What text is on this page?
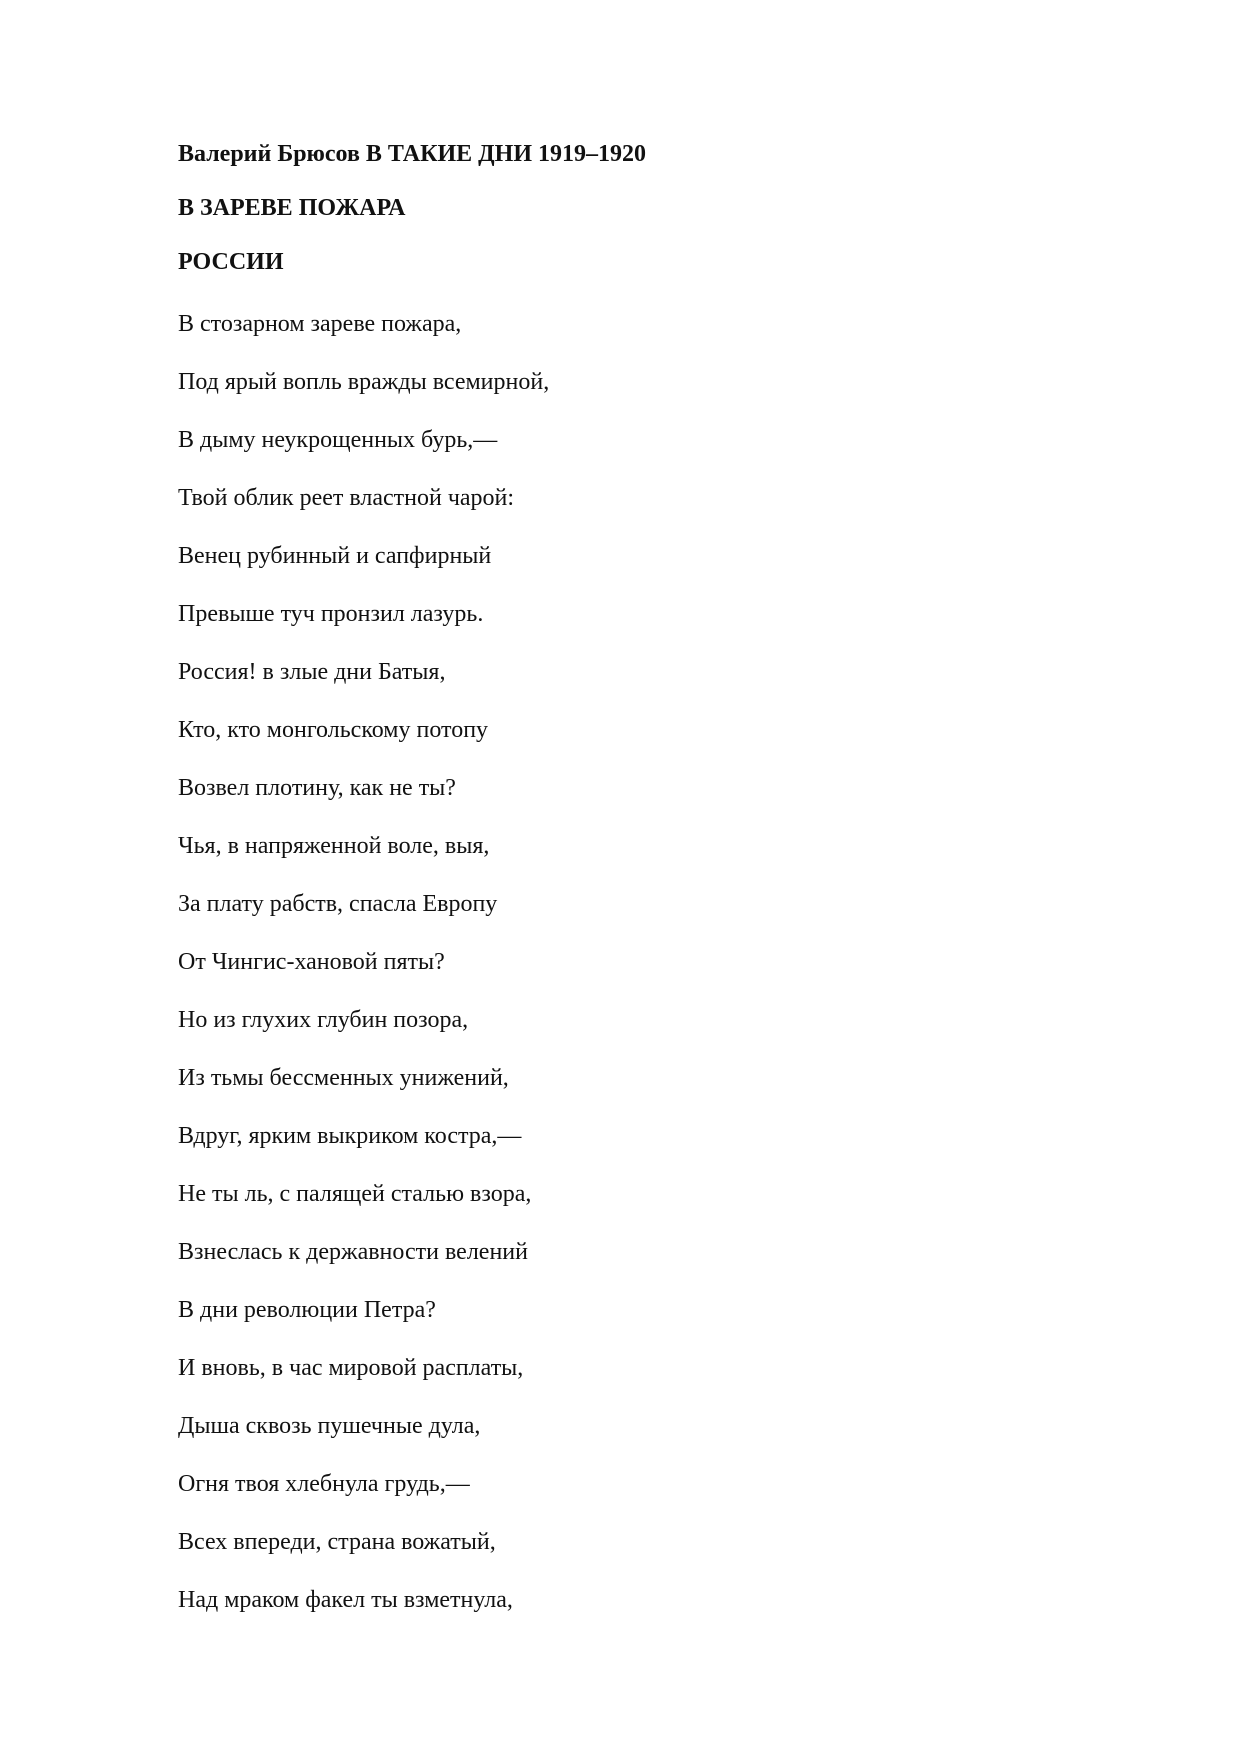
Валерий Брюсов В ТАКИЕ ДНИ 1919–1920
В ЗАРЕВЕ ПОЖАРА
РОССИИ
В стозарном зареве пожара,
Под ярый вопль вражды всемирной,
В дыму неукрощенных бурь,—
Твой облик реет властной чарой:
Венец рубинный и сапфирный
Превыше туч пронзил лазурь.
Россия! в злые дни Батыя,
Кто, кто монгольскому потопу
Возвел плотину, как не ты?
Чья, в напряженной воле, выя,
За плату рабств, спасла Европу
От Чингис-хановой пяты?
Но из глухих глубин позора,
Из тьмы бессменных унижений,
Вдруг, ярким выкриком костра,—
Не ты ль, с палящей сталью взора,
Взнеслась к державности велений
В дни революции Петра?
И вновь, в час мировой расплаты,
Дыша сквозь пушечные дула,
Огня твоя хлебнула грудь,—
Всех впереди, страна вожатый,
Над мраком факел ты взметнула,
